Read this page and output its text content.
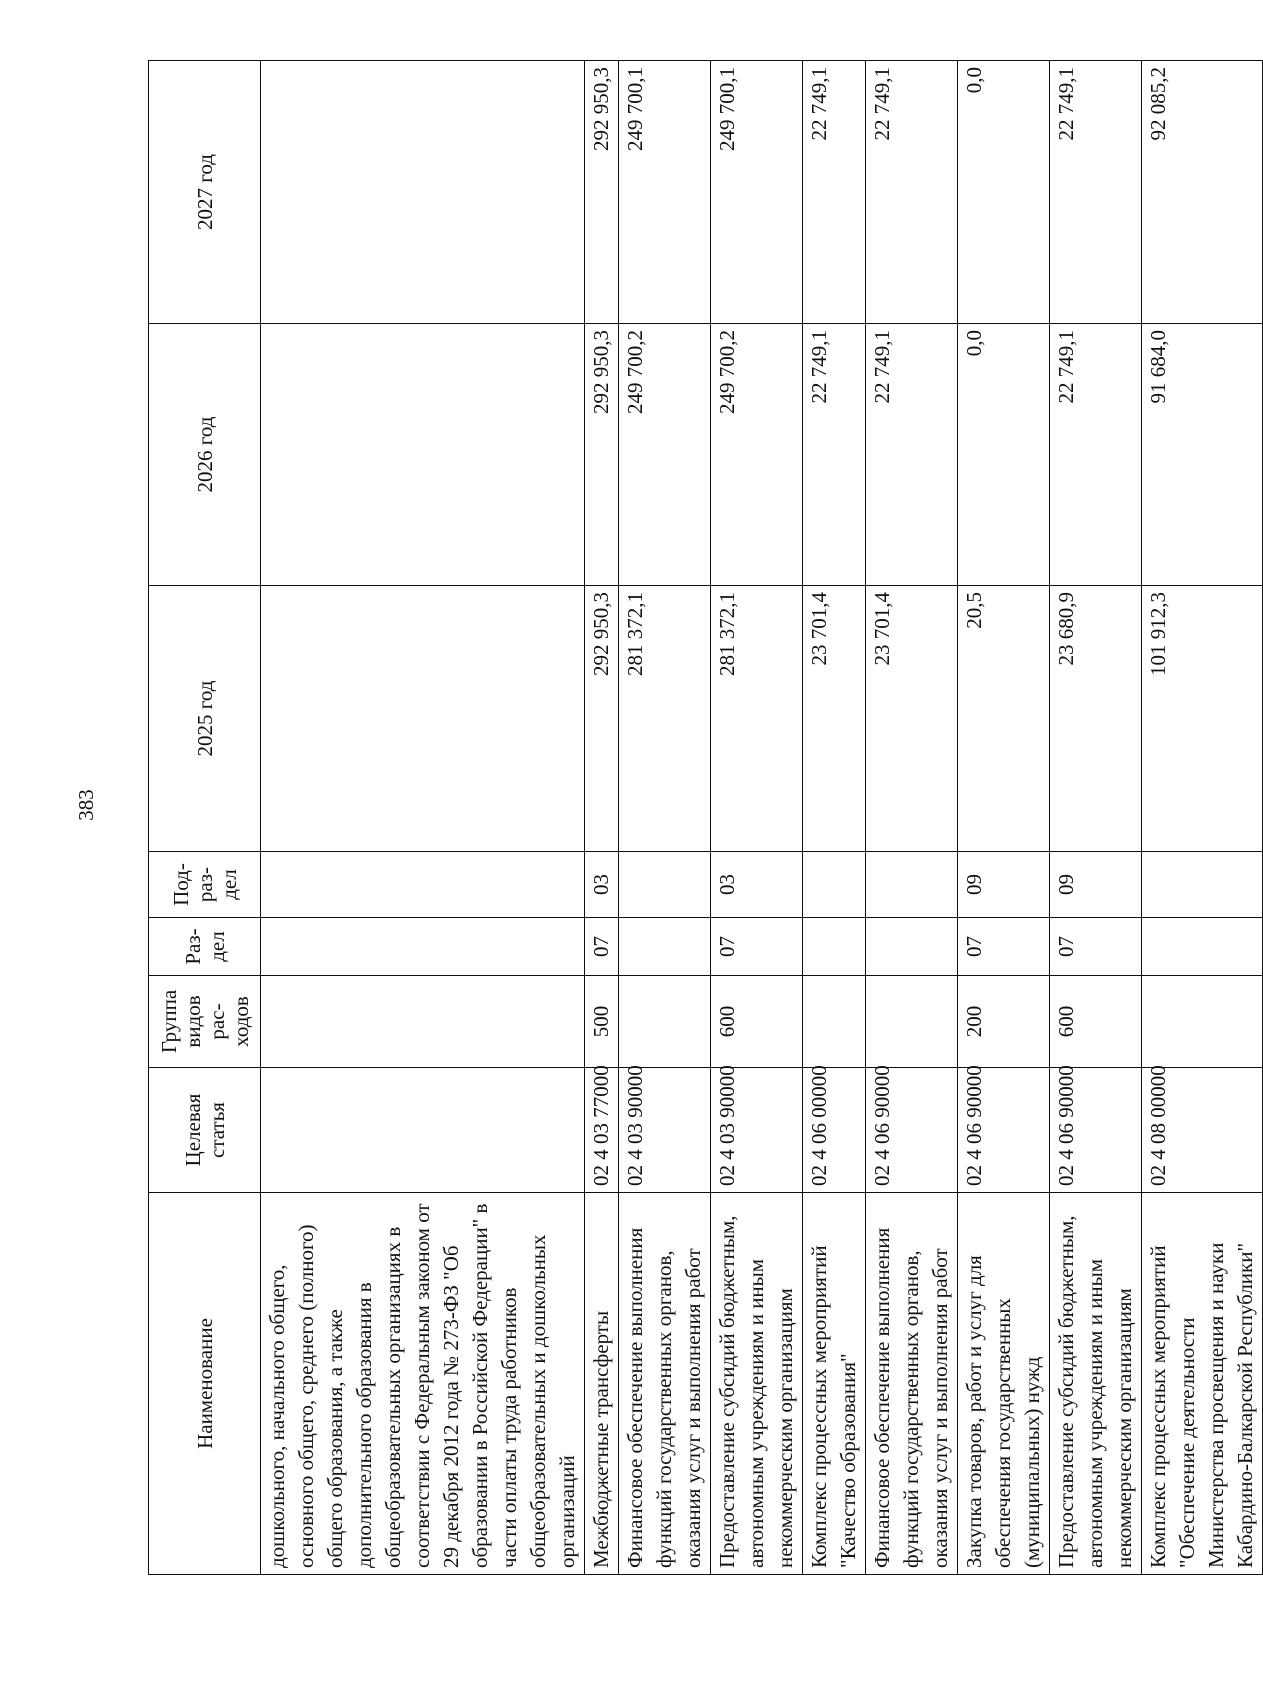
383
Наименование	Целевая статья	Группа видов рас-ходов	Раз-дел	Под-раз-дел	2025 год	2026 год	2027 год
дошкольного, начального общего, основного общего, среднего (полного) общего образования, а также дополнительного образования в общеобразовательных организациях в соответствии с Федеральным законом от 29 декабря 2012 года № 273-ФЗ "Об образовании в Российской Федерации" в части оплаты труда работников общеобразовательных и дошкольных организаций							
Межбюджетные трансферты	02 4 03 77000	500	07	03	292 950,3	292 950,3	292 950,3
Финансовое обеспечение выполнения функций государственных органов, оказания услуг и выполнения работ	02 4 03 90000				281 372,1	249 700,2	249 700,1
Предоставление субсидий бюджетным, автономным учреждениям и иным некоммерческим организациям	02 4 03 90000	600	07	03	281 372,1	249 700,2	249 700,1
Комплекс процессных мероприятий "Качество образования"	02 4 06 00000				23 701,4	22 749,1	22 749,1
Финансовое обеспечение выполнения функций государственных органов, оказания услуг и выполнения работ	02 4 06 90000				23 701,4	22 749,1	22 749,1
Закупка товаров, работ и услуг для обеспечения государственных (муниципальных) нужд	02 4 06 90000	200	07	09	20,5	0,0	0,0
Предоставление субсидий бюджетным, автономным учреждениям и иным некоммерческим организациям	02 4 06 90000	600	07	09	23 680,9	22 749,1	22 749,1
Комплекс процессных мероприятий "Обеспечение деятельности Министерства просвещения и науки Кабардино-Балкарской Республики"	02 4 08 00000				101 912,3	91 684,0	92 085,2
